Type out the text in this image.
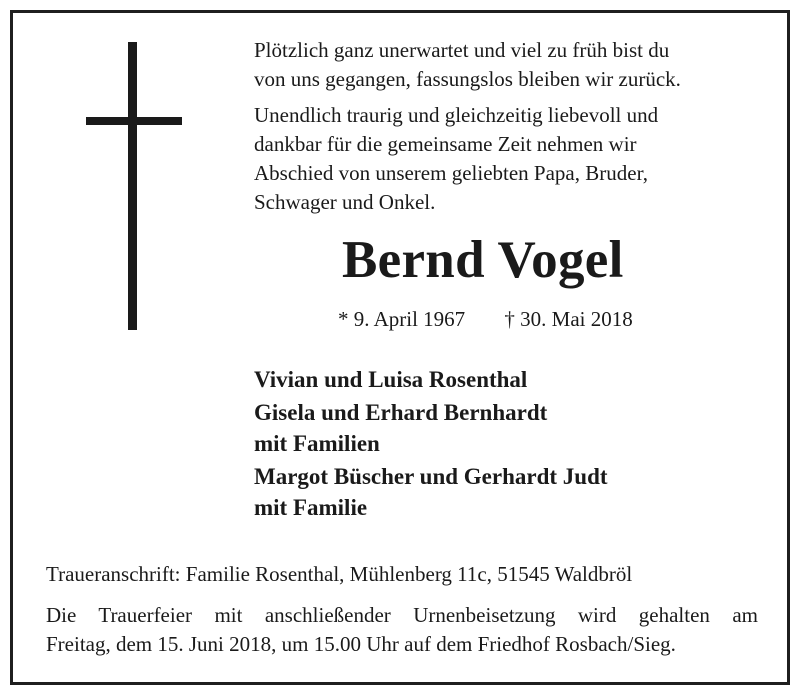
Plötzlich ganz unerwartet und viel zu früh bist du
von uns gegangen, fassungslos bleiben wir zurück.

Unendlich traurig und gleichzeitig liebevoll und
dankbar für die gemeinsame Zeit nehmen wir
Abschied von unserem geliebten Papa, Bruder,
Schwager und Onkel.

Bernd Vogel
* 9. April 1967 † 30. Mai 2018

Vivian und Luisa Rosenthal

Gisela und Erhard Bernhardt
mit Familien

Margot Büscher und Gerhardt Judt
mit Familie

Traueranschrift: Familie Rosenthal, Mühlenberg 11c, 51545 Waldbröl
Die Trauerfeier mit anschließender Urnenbeisetzung wird gehalten am
Freitag, dem 15. Juni 2018, um 15.00 Uhr auf dem Friedhof Rosbach/Sieg.
